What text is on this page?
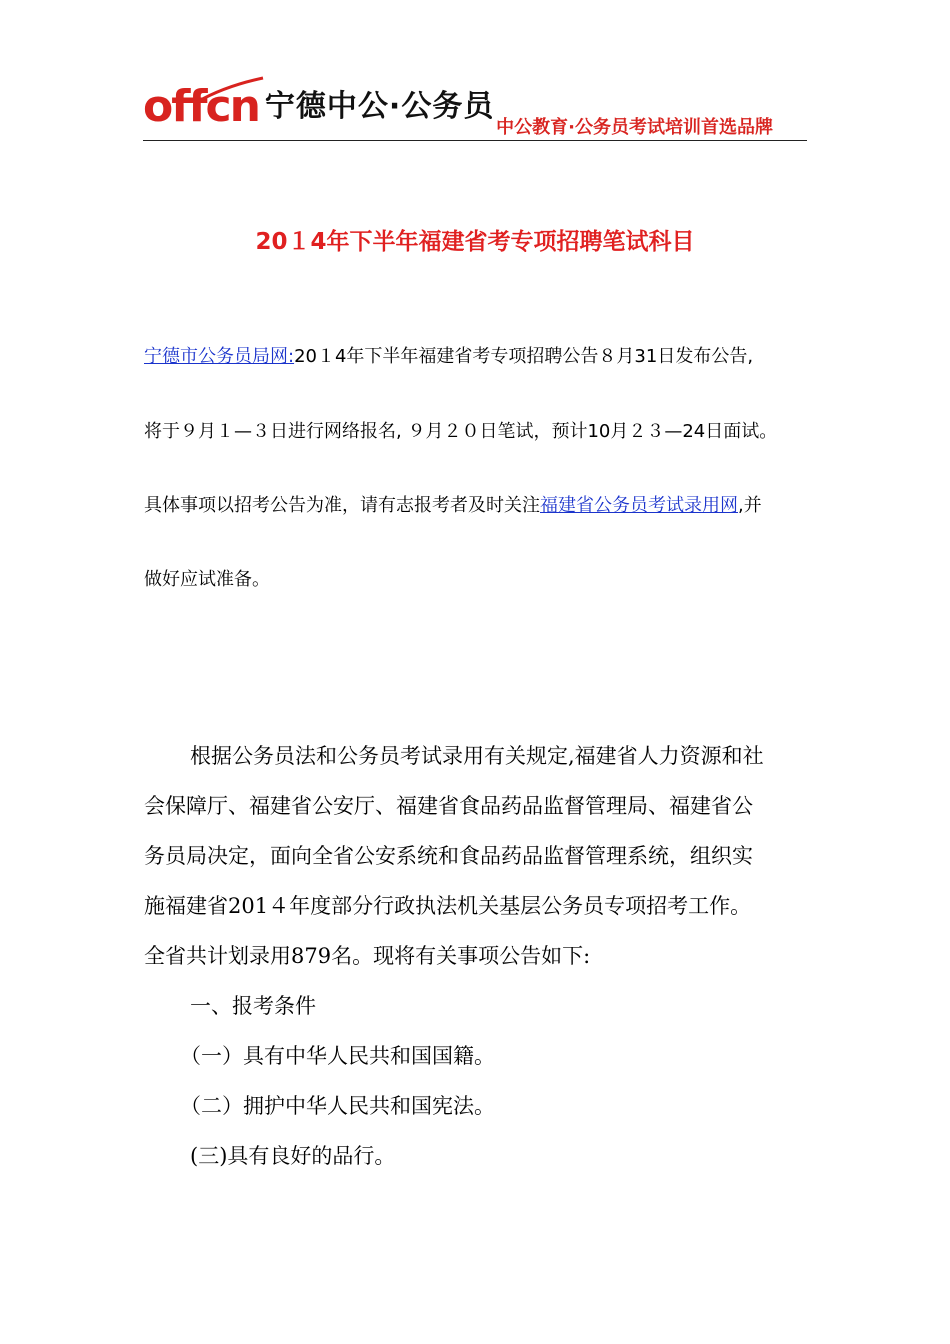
offcn 宁德中公·公务员
中公教育·公务员考试培训首选品牌
20１4年下半年福建省考专项招聘笔试科目

宁德市公务员局网:20１4年下半年福建省考专项招聘公告８月31日发布公告,

将于９月１—３日进行网络报名, ９月２０日笔试，预计10月２３—24日面试。

具体事项以招考公告为准，请有志报考者及时关注福建省公务员考试录用网,并

做好应试准备。

根据公务员法和公务员考试录用有关规定,福建省人力资源和社

会保障厅、福建省公安厅、福建省食品药品监督管理局、福建省公

务员局决定，面向全省公安系统和食品药品监督管理系统，组织实

施福建省201４年度部分行政执法机关基层公务员专项招考工作。

全省共计划录用879名。现将有关事项公告如下:

一、报考条件

（一）具有中华人民共和国国籍。

（二）拥护中华人民共和国宪法。

(三)具有良好的品行。
